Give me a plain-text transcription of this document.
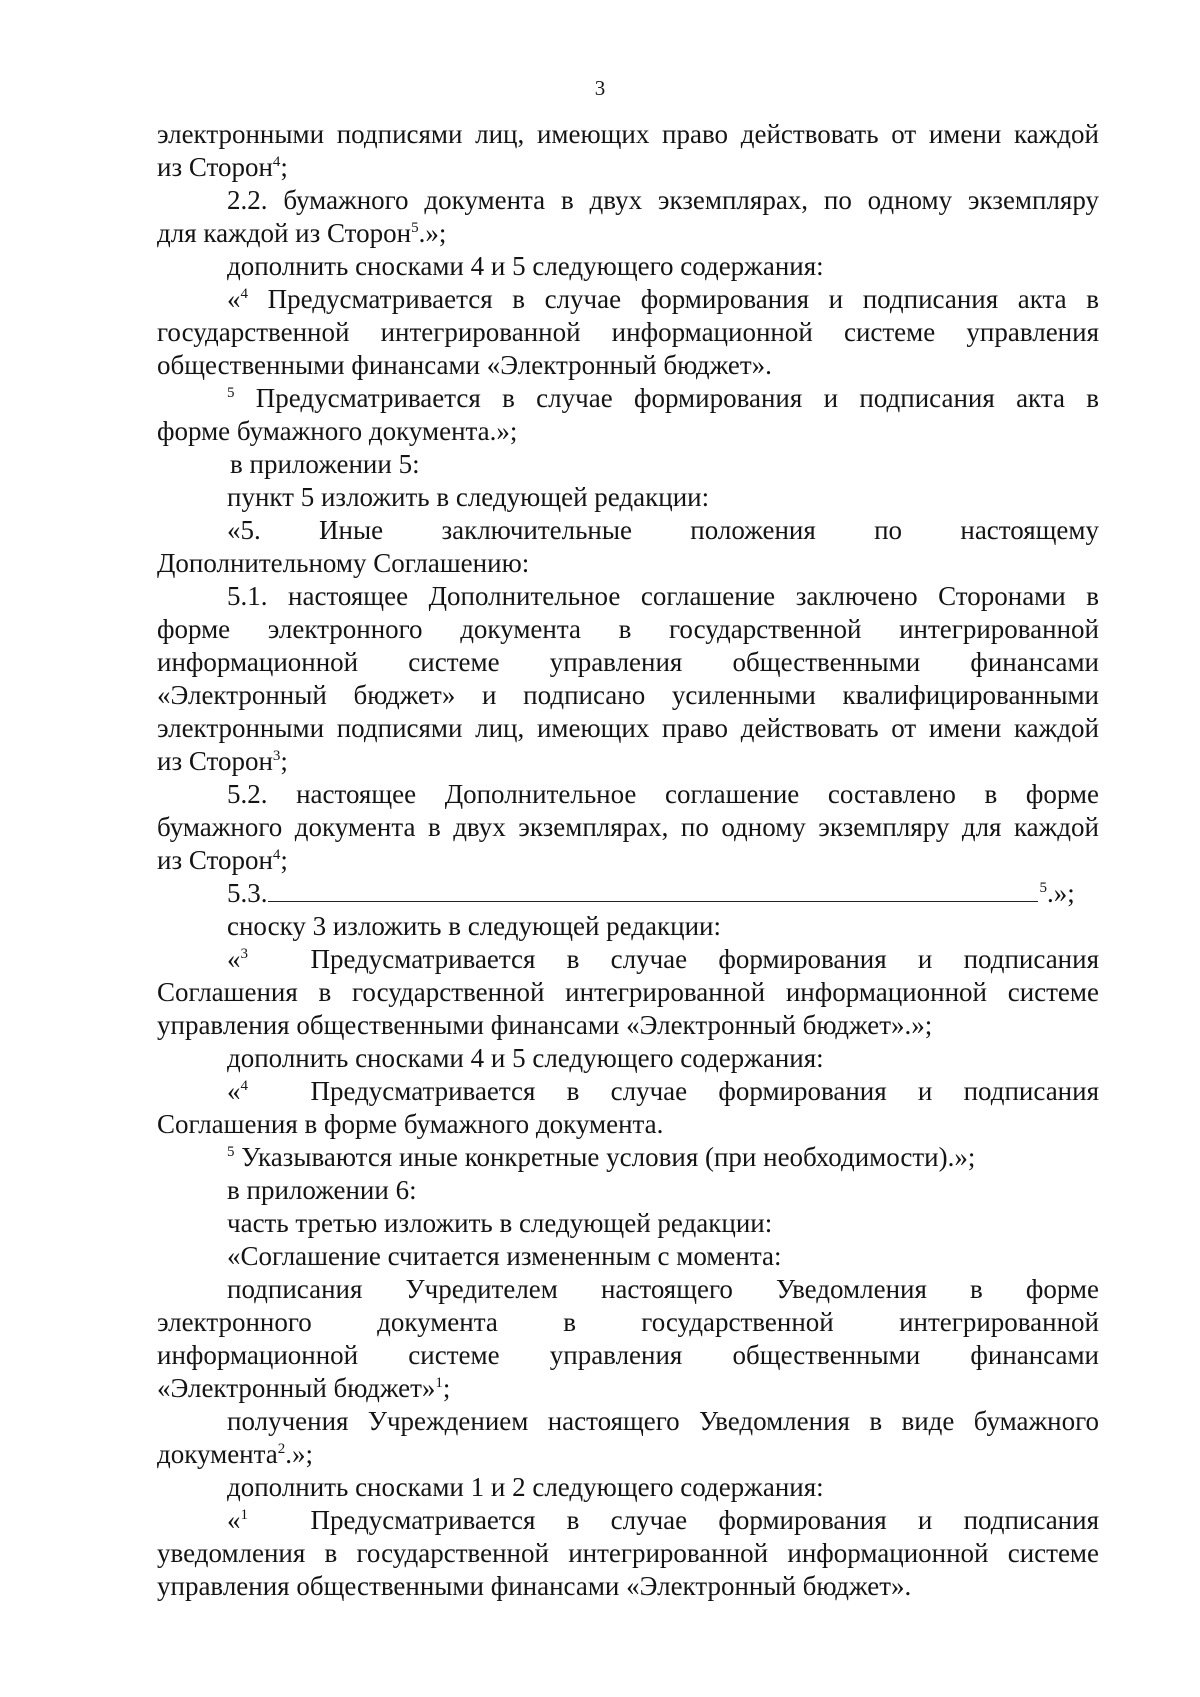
3

электронными подписями лиц, имеющих право действовать от имени каждой

из Сторон$^4$;

2.2. бумажного документа в двух экземплярах, по одному экземпляру

для каждой из Сторон$^5$.»;

дополнить сносками 4 и 5 следующего содержания:

«$^4$ Предусматривается в случае формирования и подписания акта в

государственной интегрированной информационной системе управления

общественными финансами «Электронный бюджет».

$^5$ Предусматривается в случае формирования и подписания акта в

форме бумажного документа.»;

в приложении 5:

пункт 5 изложить в следующей редакции:

«5.   Иные   заключительные   положения   по   настоящему

Дополнительному Соглашению:

5.1. настоящее Дополнительное соглашение заключено Сторонами в

форме электронного документа в государственной интегрированной

информационной системе управления общественными финансами

«Электронный бюджет» и подписано усиленными квалифицированными

электронными подписями лиц, имеющих право действовать от имени каждой

из Сторон$^3$;

5.2. настоящее Дополнительное соглашение составлено в форме

бумажного документа в двух экземплярах, по одному экземпляру для каждой

из Сторон$^4$;

5.3.	$^5$.»;

сноску 3 изложить в следующей редакции:

«$^3$  Предусматривается в случае формирования и подписания

Соглашения в государственной интегрированной информационной системе

управления общественными финансами «Электронный бюджет».»;

дополнить сносками 4 и 5 следующего содержания:

«$^4$  Предусматривается в случае формирования и подписания

Соглашения в форме бумажного документа.

$^5$ Указываются иные конкретные условия (при необходимости).»;

в приложении 6:

часть третью изложить в следующей редакции:

«Соглашение считается измененным с момента:

подписания Учредителем настоящего Уведомления в форме

электронного документа в государственной интегрированной

информационной системе управления общественными финансами

«Электронный бюджет»$^1$;

получения Учреждением настоящего Уведомления в виде бумажного

документа$^2$.»;

дополнить сносками 1 и 2 следующего содержания:

«$^1$  Предусматривается в случае формирования и подписания

уведомления в государственной интегрированной информационной системе

управления общественными финансами «Электронный бюджет».
